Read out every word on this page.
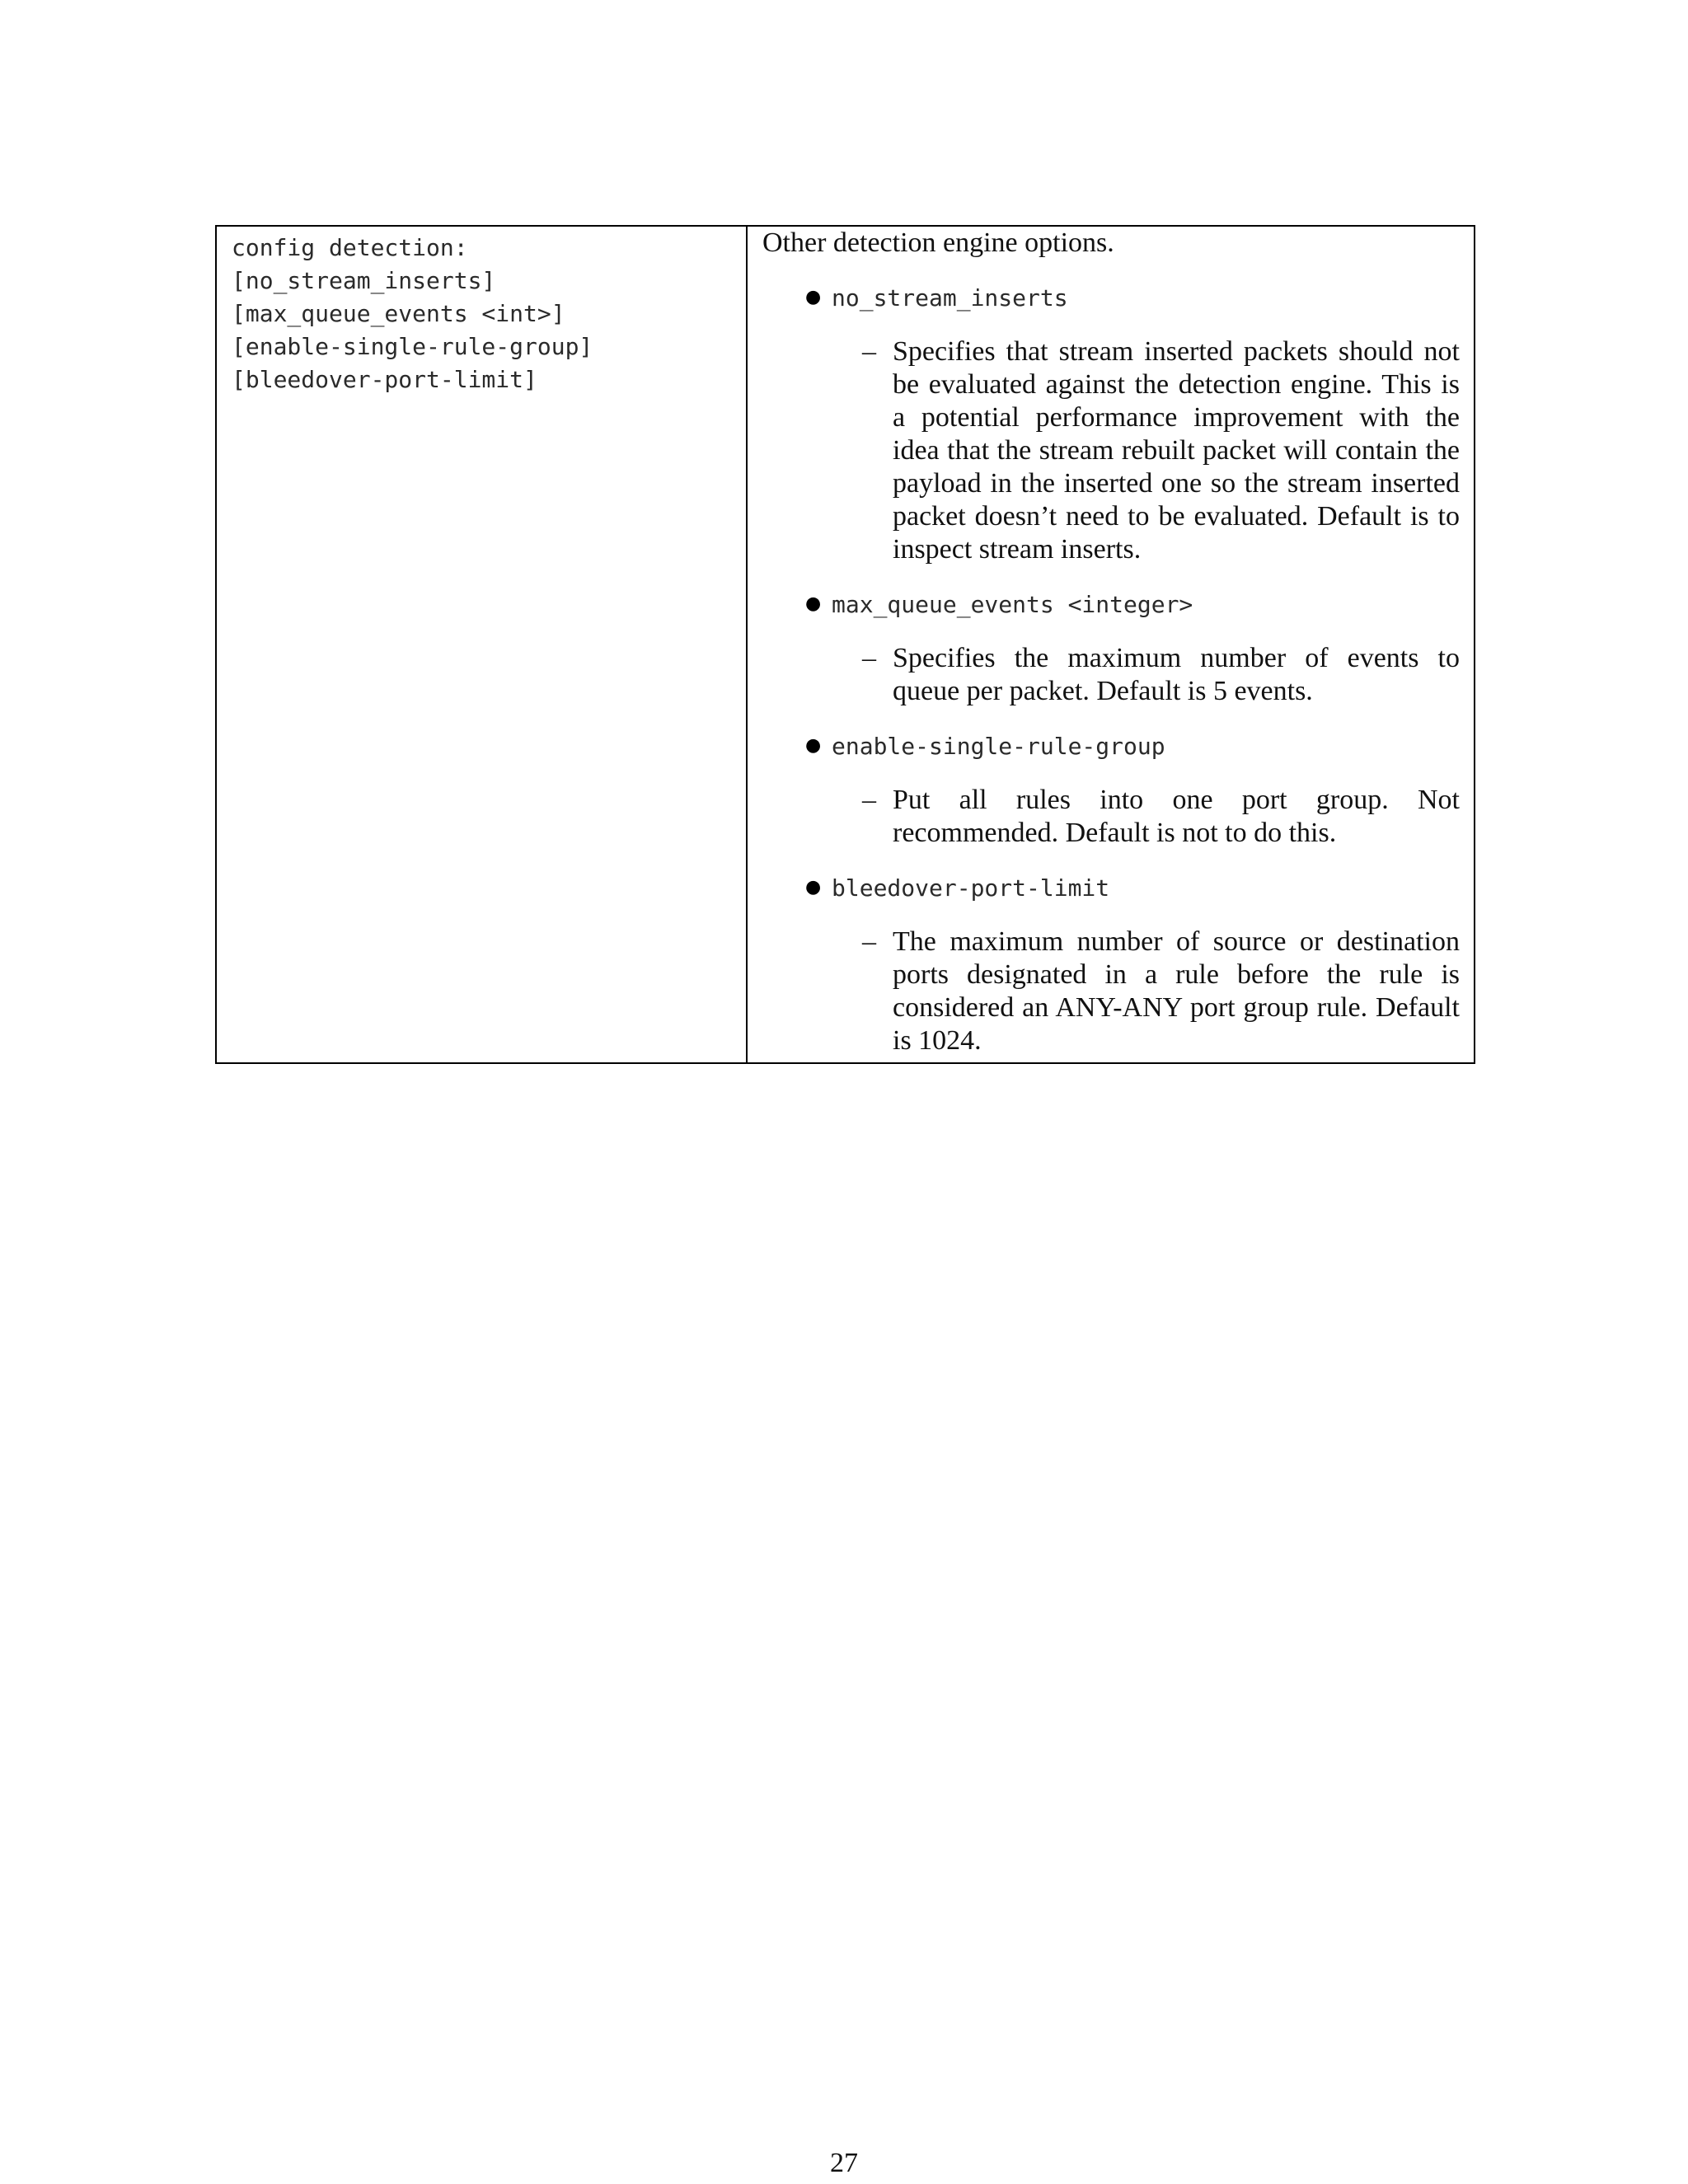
config detection:
[no_stream_inserts]
[max_queue_events <int>]
[enable-single-rule-group]
[bleedover-port-limit]
Other detection engine options.
● no_stream_inserts
– Specifies that stream inserted packets should not be evaluated against the detection engine. This is a potential performance improvement with the idea that the stream rebuilt packet will contain the payload in the inserted one so the stream inserted packet doesn’t need to be evaluated. Default is to inspect stream inserts.
● max_queue_events <integer>
– Specifies the maximum number of events to queue per packet. Default is 5 events.
● enable-single-rule-group
– Put all rules into one port group. Not recommended. Default is not to do this.
● bleedover-port-limit
– The maximum number of source or destination ports designated in a rule before the rule is considered an ANY-ANY port group rule. Default is 1024.
27
